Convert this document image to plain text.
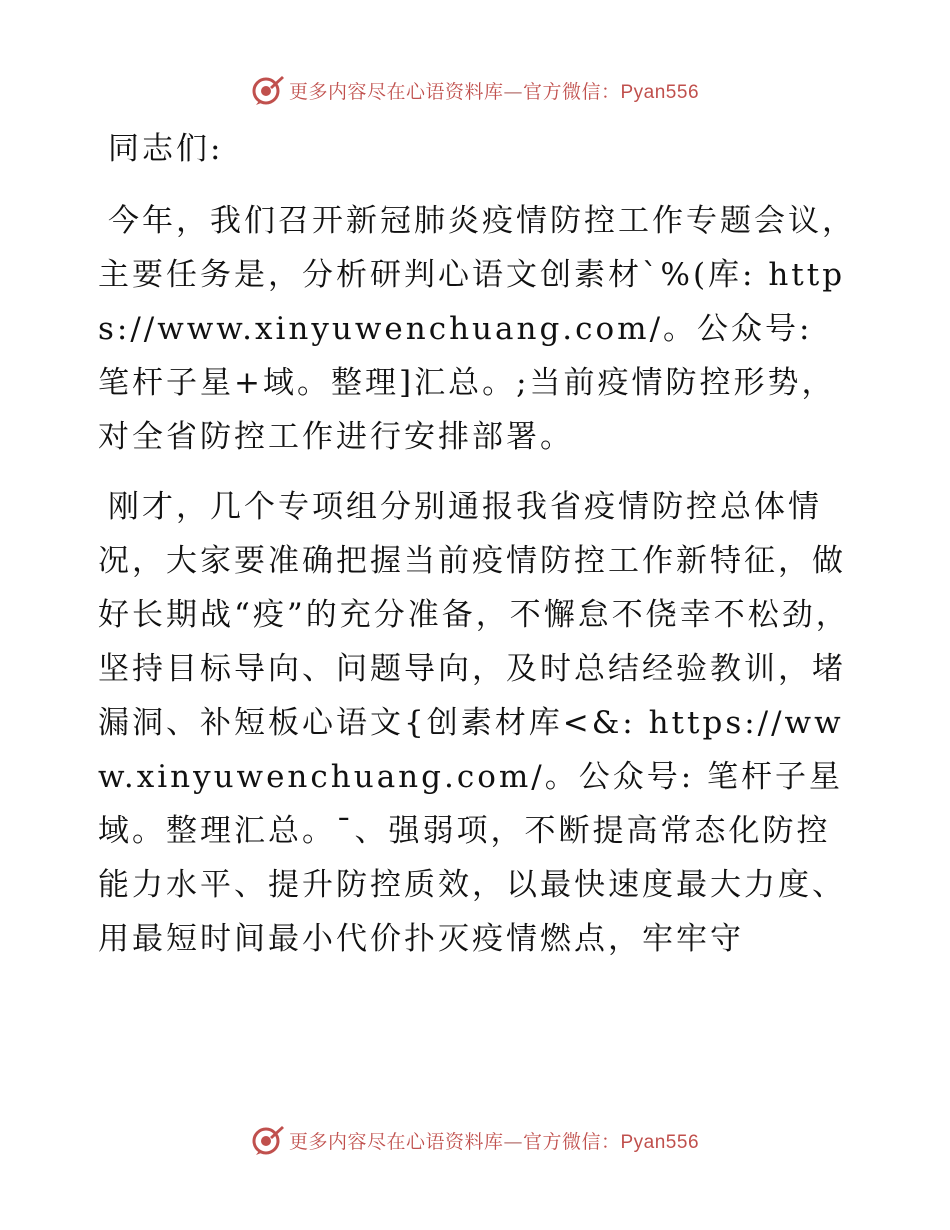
更多内容尽在心语资料库—官方微信：Pyan556

同志们:

今年，我们召开新冠肺炎疫情防控工作专题会议，主要任务是，分析研判心语文创素材`%(库: https://www.xinyuwenchuang.com/。公众号: 笔杆子星+域。整理]汇总。;当前疫情防控形势，对全省防控工作进行安排部署。

刚才，几个专项组分别通报我省疫情防控总体情况，大家要准确把握当前疫情防控工作新特征，做好长期战“疫”的充分准备，不懈怠不侥幸不松劲，坚持目标导向、问题导向，及时总结经验教训，堵漏洞、补短板心语文{创素材库<&: https://www.xinyuwenchuang.com/。公众号: 笔杆子星域。整理汇总。¯、强弱项，不断提高常态化防控能力水平、提升防控质效，以最快速度最大力度、用最短时间最小代价扑灭疫情燃点，牢牢守

更多内容尽在心语资料库—官方微信：Pyan556
